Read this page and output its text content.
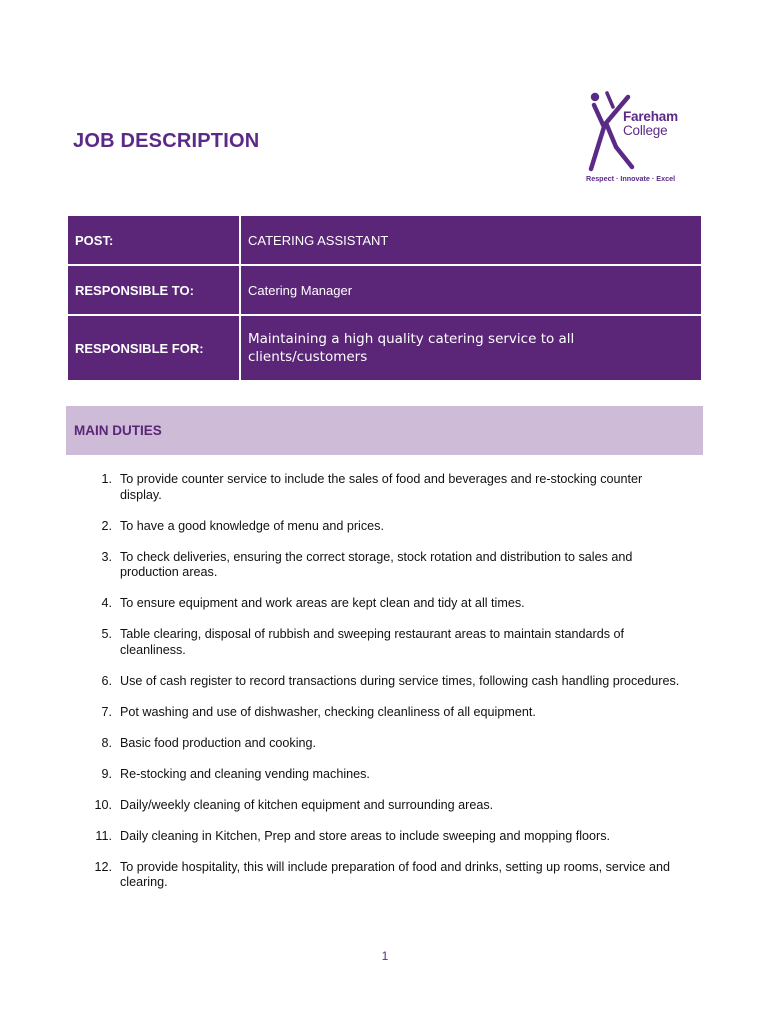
JOB DESCRIPTION
Fareham
College
Respect · Innovate · Excel
POST:	CATERING ASSISTANT
RESPONSIBLE TO:	Catering Manager
RESPONSIBLE FOR:	Maintaining a high quality catering service to all clients/customers
MAIN DUTIES
1. To provide counter service to include the sales of food and beverages and re-stocking counter display.
2. To have a good knowledge of menu and prices.
3. To check deliveries, ensuring the correct storage, stock rotation and distribution to sales and production areas.
4. To ensure equipment and work areas are kept clean and tidy at all times.
5. Table clearing, disposal of rubbish and sweeping restaurant areas to maintain standards of cleanliness.
6. Use of cash register to record transactions during service times, following cash handling procedures.
7. Pot washing and use of dishwasher, checking cleanliness of all equipment.
8. Basic food production and cooking.
9. Re-stocking and cleaning vending machines.
10. Daily/weekly cleaning of kitchen equipment and surrounding areas.
11. Daily cleaning in Kitchen, Prep and store areas to include sweeping and mopping floors.
12. To provide hospitality, this will include preparation of food and drinks, setting up rooms, service and clearing.
1
